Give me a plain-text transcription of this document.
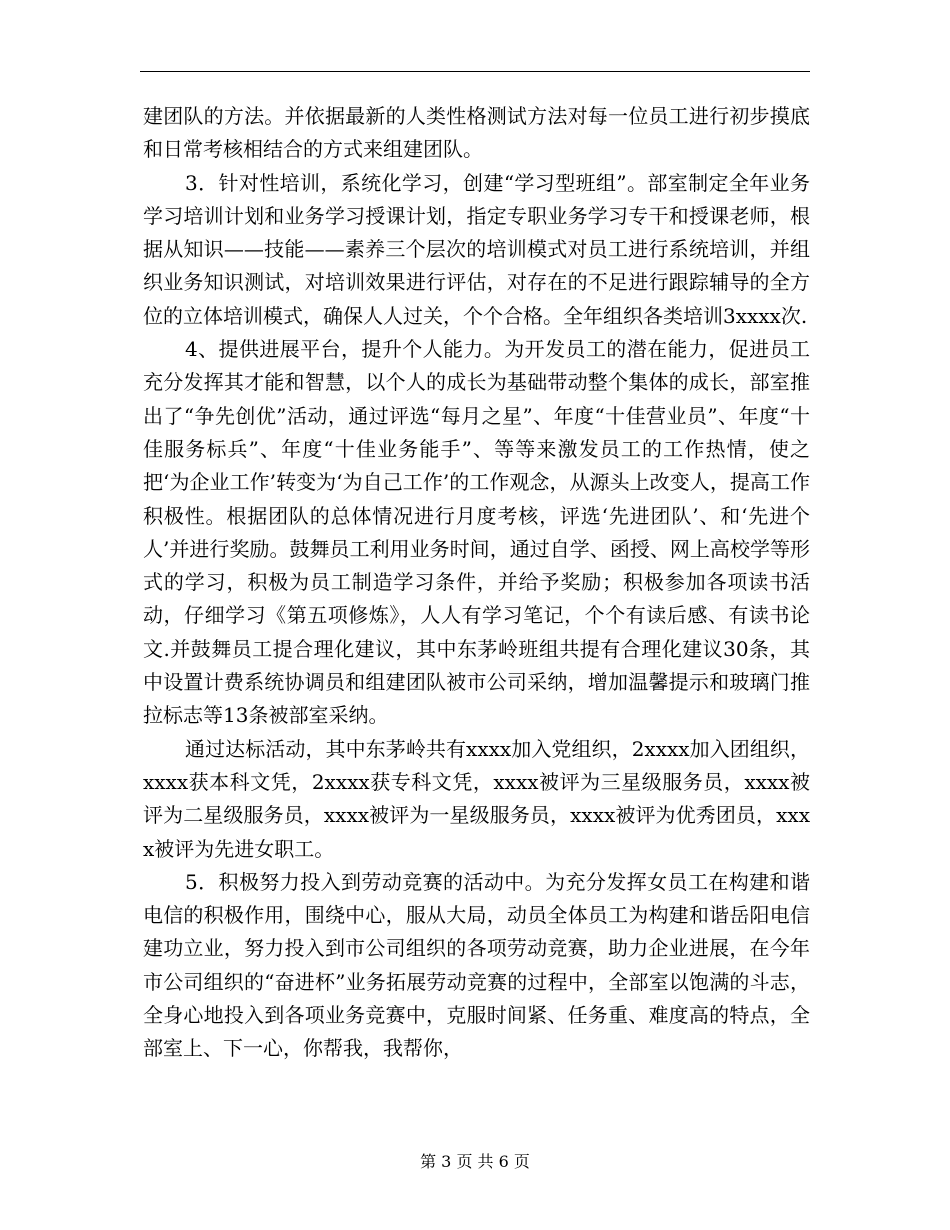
建团队的方法。并依据最新的人类性格测试方法对每一位员工进行初步摸底和日常考核相结合的方式来组建团队。

3．针对性培训，系统化学习，创建“学习型班组”。部室制定全年业务学习培训计划和业务学习授课计划，指定专职业务学习专干和授课老师，根据从知识——技能——素养三个层次的培训模式对员工进行系统培训，并组织业务知识测试，对培训效果进行评估，对存在的不足进行跟踪辅导的全方位的立体培训模式，确保人人过关，个个合格。全年组织各类培训3xxxx次.

4、提供进展平台，提升个人能力。为开发员工的潜在能力，促进员工充分发挥其才能和智慧，以个人的成长为基础带动整个集体的成长，部室推出了“争先创优”活动，通过评选“每月之星”、年度“十佳营业员”、年度“十佳服务标兵”、年度“十佳业务能手”、等等来激发员工的工作热情，使之把‘为企业工作’转变为‘为自己工作’的工作观念，从源头上改变人，提高工作积极性。根据团队的总体情况进行月度考核，评选‘先进团队’、和‘先进个人’并进行奖励。鼓舞员工利用业务时间，通过自学、函授、网上高校学等形式的学习，积极为员工制造学习条件，并给予奖励；积极参加各项读书活动，仔细学习《第五项修炼》，人人有学习笔记，个个有读后感、有读书论文.并鼓舞员工提合理化建议，其中东茅岭班组共提有合理化建议30条，其中设置计费系统协调员和组建团队被市公司采纳，增加温馨提示和玻璃门推拉标志等13条被部室采纳。

通过达标活动，其中东茅岭共有xxxx加入党组织，2xxxx加入团组织，xxxx获本科文凭，2xxxx获专科文凭，xxxx被评为三星级服务员，xxxx被评为二星级服务员，xxxx被评为一星级服务员，xxxx被评为优秀团员，xxxx被评为先进女职工。

5．积极努力投入到劳动竞赛的活动中。为充分发挥女员工在构建和谐电信的积极作用，围绕中心，服从大局，动员全体员工为构建和谐岳阳电信建功立业，努力投入到市公司组织的各项劳动竞赛，助力企业进展，在今年市公司组织的“奋进杯”业务拓展劳动竞赛的过程中，全部室以饱满的斗志，全身心地投入到各项业务竞赛中，克服时间紧、任务重、难度高的特点，全部室上、下一心，你帮我，我帮你，

第 3 页 共 6 页
